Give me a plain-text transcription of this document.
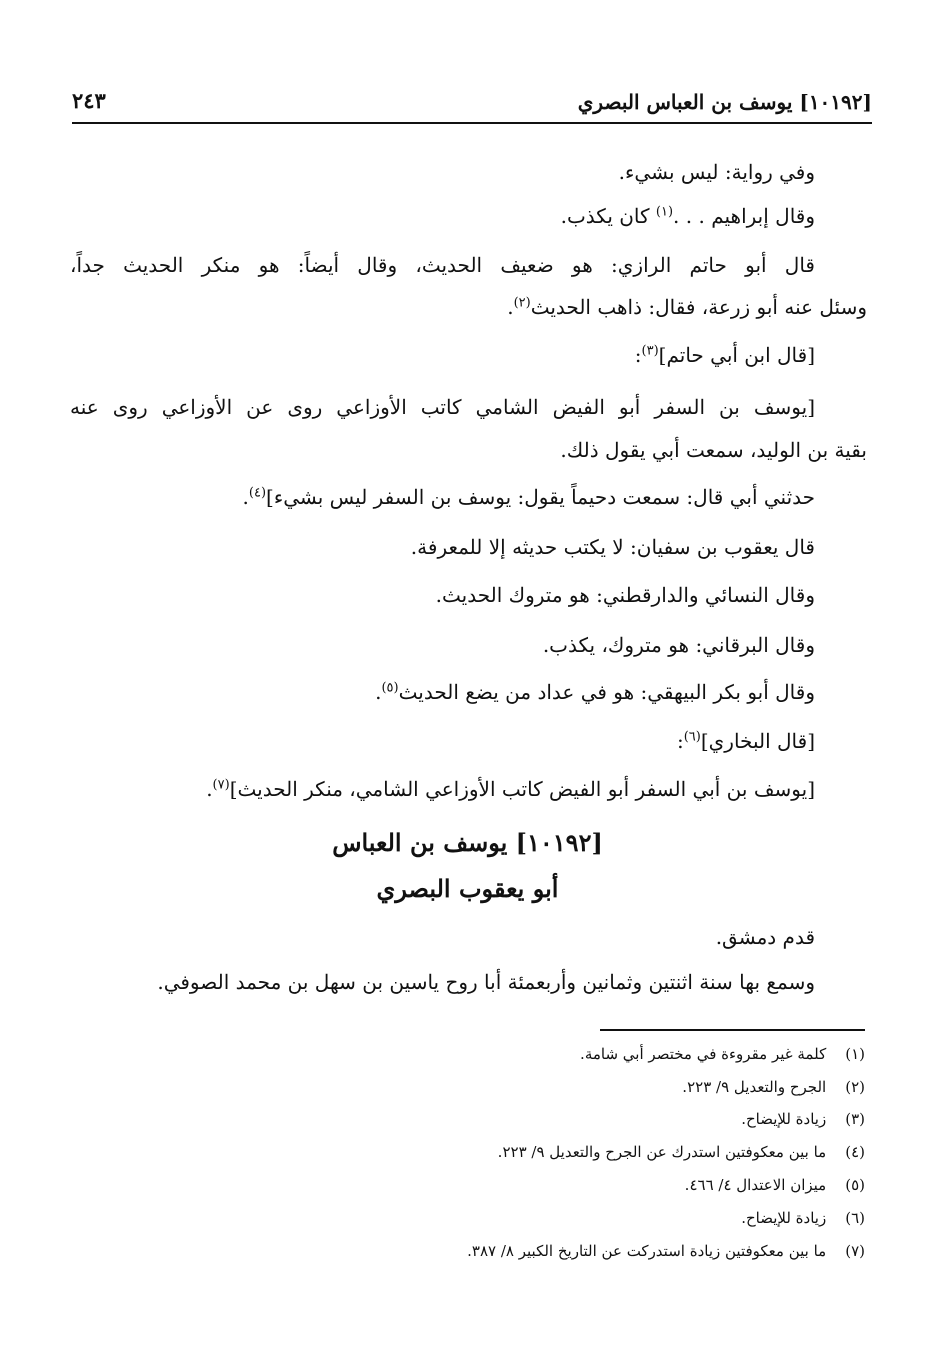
[١٠١٩٢] يوسف بن العباس البصري
٢٤٣

وفي رواية: ليس بشيء.

وقال إبراهيم . . .$^{(١)}$ كان يكذب.

قال أبو حاتم الرازي: هو ضعيف الحديث، وقال أيضاً: هو منكر الحديث جداً،

وسئل عنه أبو زرعة، فقال: ذاهب الحديث$^{(٢)}$.

[قال ابن أبي حاتم]$^{(٣)}$:

[يوسف بن السفر أبو الفيض الشامي كاتب الأوزاعي روى عن الأوزاعي روى عنه

بقية بن الوليد، سمعت أبي يقول ذلك.

حدثني أبي قال: سمعت دحيماً يقول: يوسف بن السفر ليس بشيء]$^{(٤)}$.

قال يعقوب بن سفيان: لا يكتب حديثه إلا للمعرفة.

وقال النسائي والدارقطني: هو متروك الحديث.

وقال البرقاني: هو متروك، يكذب.

وقال أبو بكر البيهقي: هو في عداد من يضع الحديث$^{(٥)}$.

[قال البخاري]$^{(٦)}$:

[يوسف بن أبي السفر أبو الفيض كاتب الأوزاعي الشامي، منكر الحديث]$^{(٧)}$.

[١٠١٩٢] يوسف بن العباس

أبو يعقوب البصري

قدم دمشق.

وسمع بها سنة اثنتين وثمانين وأربعمئة أبا روح ياسين بن سهل بن محمد الصوفي.

(١) كلمة غير مقروءة في مختصر أبي شامة.

(٢) الجرح والتعديل ٩/ ٢٢٣.

(٣) زيادة للإيضاح.

(٤) ما بين معكوفتين استدرك عن الجرح والتعديل ٩/ ٢٢٣.

(٥) ميزان الاعتدال ٤/ ٤٦٦.

(٦) زيادة للإيضاح.

(٧) ما بين معكوفتين زيادة استدركت عن التاريخ الكبير ٨/ ٣٨٧.
